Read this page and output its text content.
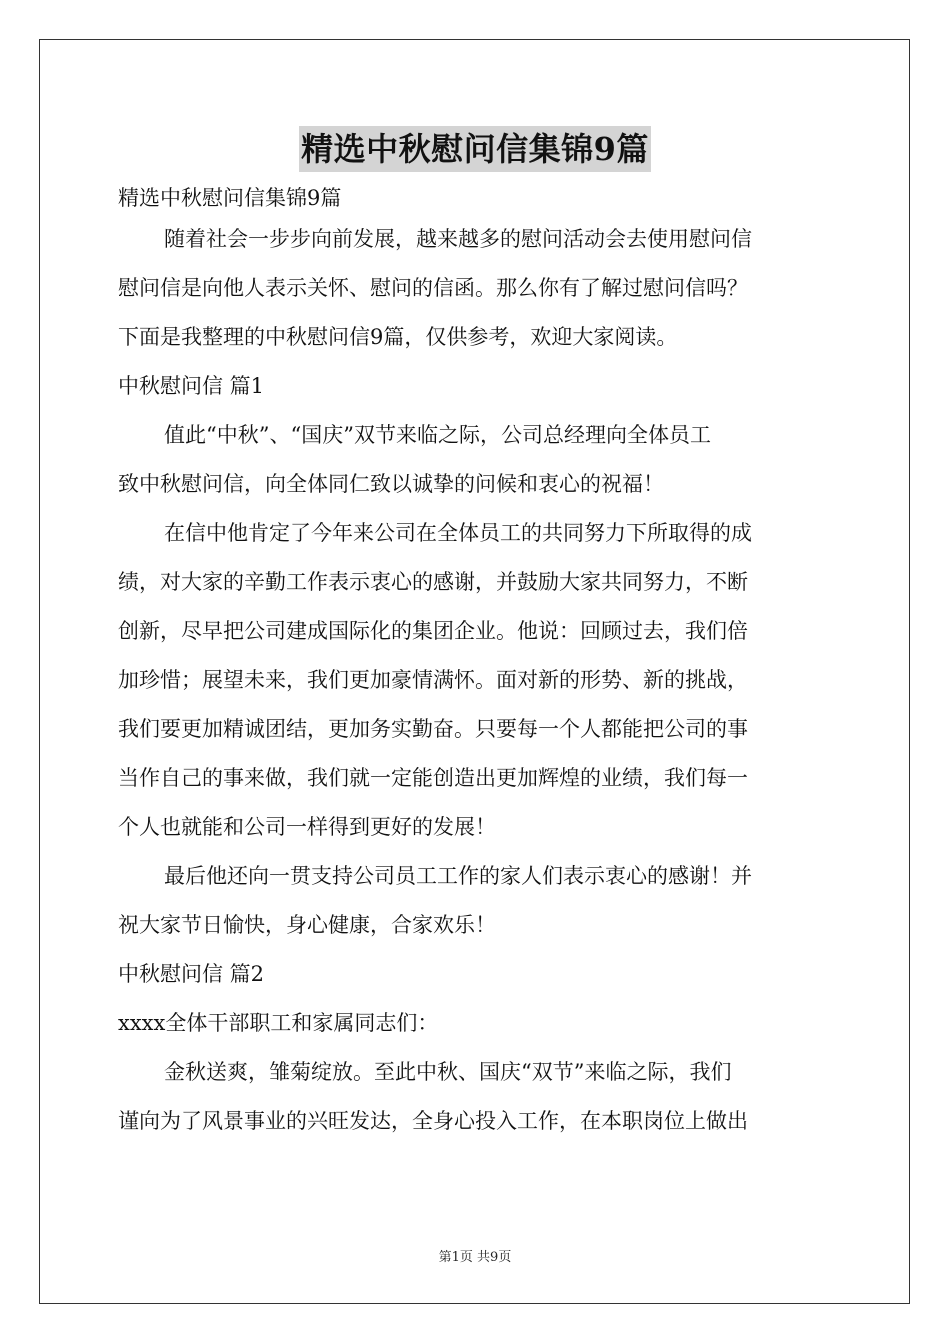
精选中秋慰问信集锦9篇
精选中秋慰问信集锦9篇
随着社会一步步向前发展，越来越多的慰问活动会去使用慰问信
慰问信是向他人表示关怀、慰问的信函。那么你有了解过慰问信吗？
下面是我整理的中秋慰问信9篇，仅供参考，欢迎大家阅读。
中秋慰问信 篇1
值此“中秋”、“国庆”双节来临之际，公司总经理向全体员工
致中秋慰问信，向全体同仁致以诚挚的问候和衷心的祝福！
在信中他肯定了今年来公司在全体员工的共同努力下所取得的成
绩，对大家的辛勤工作表示衷心的感谢，并鼓励大家共同努力，不断
创新，尽早把公司建成国际化的集团企业。他说：回顾过去，我们倍
加珍惜；展望未来，我们更加豪情满怀。面对新的形势、新的挑战，
我们要更加精诚团结，更加务实勤奋。只要每一个人都能把公司的事
当作自己的事来做，我们就一定能创造出更加辉煌的业绩，我们每一
个人也就能和公司一样得到更好的发展！
最后他还向一贯支持公司员工工作的家人们表示衷心的感谢！并
祝大家节日愉快，身心健康，合家欢乐！
中秋慰问信 篇2
xxxx全体干部职工和家属同志们：
金秋送爽，雏菊绽放。至此中秋、国庆“双节”来临之际，我们
谨向为了风景事业的兴旺发达，全身心投入工作，在本职岗位上做出
第1页 共9页
